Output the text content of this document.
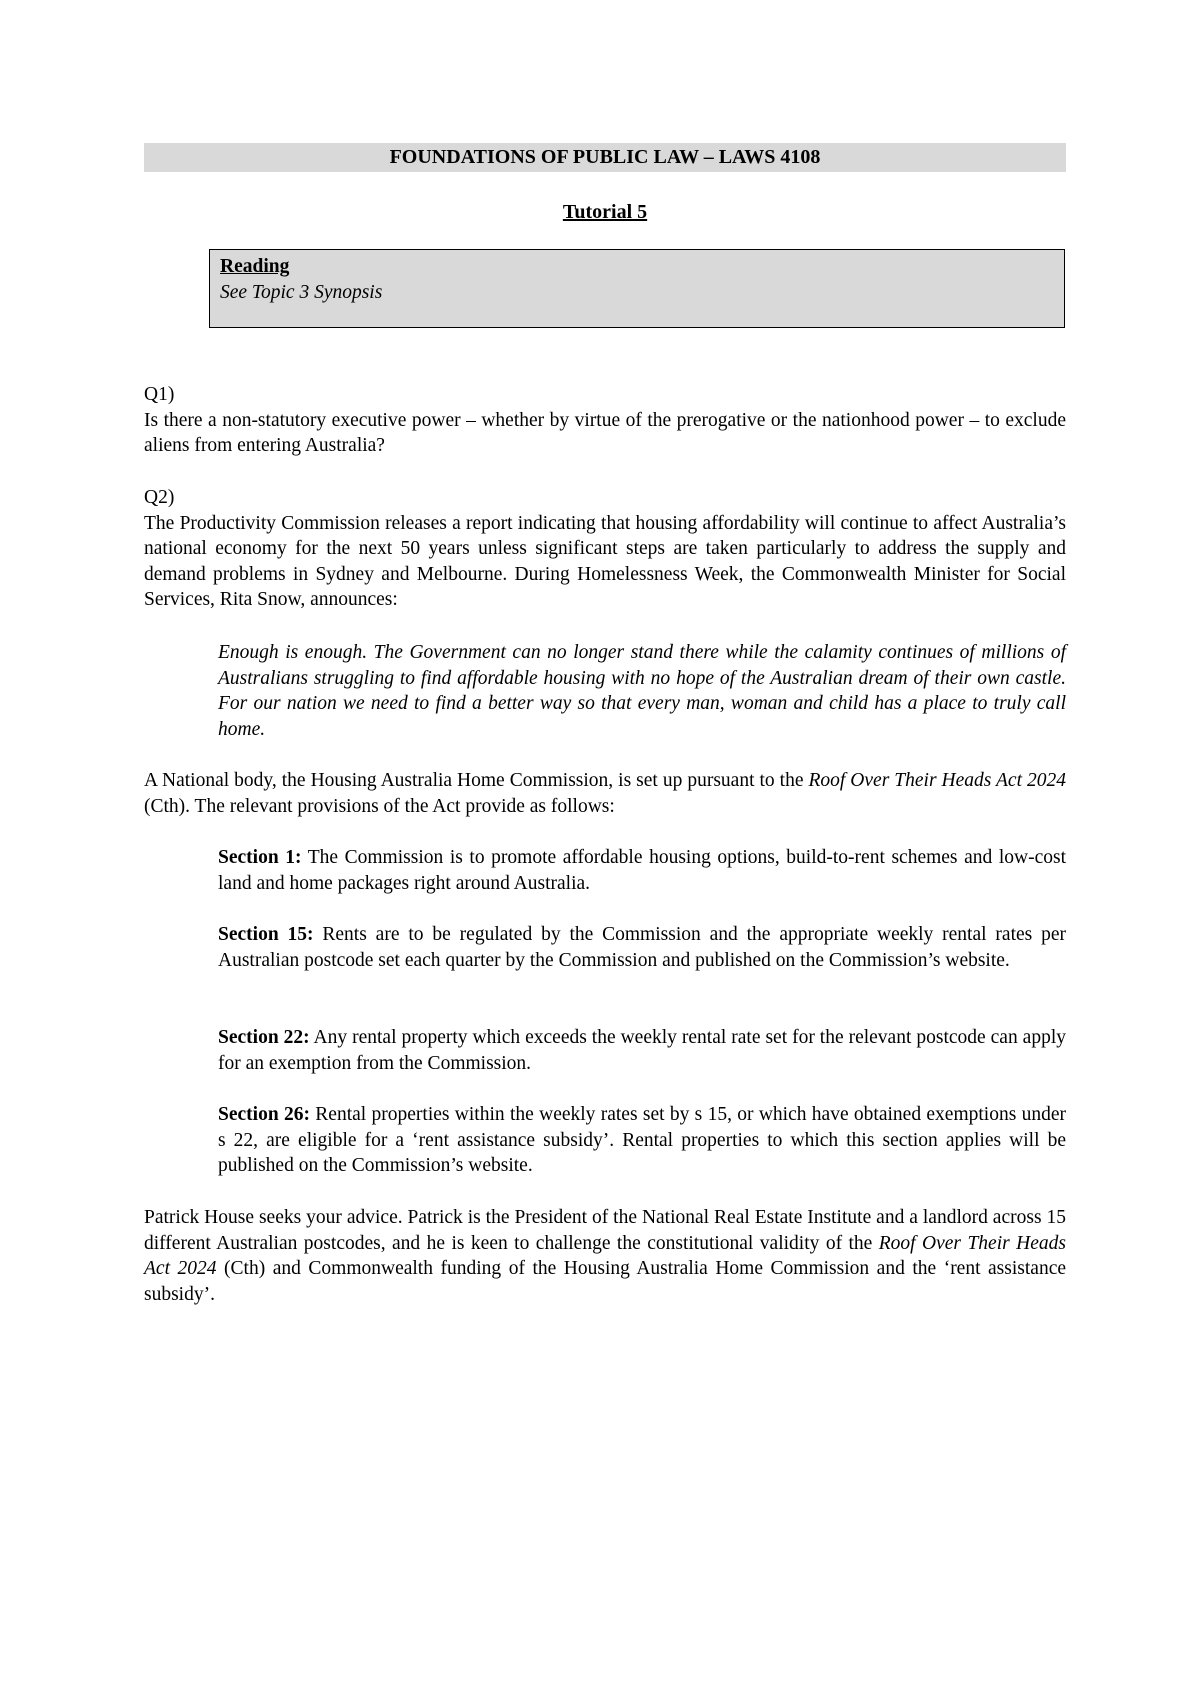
FOUNDATIONS OF PUBLIC LAW – LAWS 4108
Tutorial 5
Reading
See Topic 3 Synopsis
Q1)
Is there a non-statutory executive power – whether by virtue of the prerogative or the nationhood power – to exclude aliens from entering Australia?
Q2)
The Productivity Commission releases a report indicating that housing affordability will continue to affect Australia’s national economy for the next 50 years unless significant steps are taken particularly to address the supply and demand problems in Sydney and Melbourne. During Homelessness Week, the Commonwealth Minister for Social Services, Rita Snow, announces:
Enough is enough. The Government can no longer stand there while the calamity continues of millions of Australians struggling to find affordable housing with no hope of the Australian dream of their own castle. For our nation we need to find a better way so that every man, woman and child has a place to truly call home.
A National body, the Housing Australia Home Commission, is set up pursuant to the Roof Over Their Heads Act 2024 (Cth). The relevant provisions of the Act provide as follows:
Section 1: The Commission is to promote affordable housing options, build-to-rent schemes and low-cost land and home packages right around Australia.
Section 15: Rents are to be regulated by the Commission and the appropriate weekly rental rates per Australian postcode set each quarter by the Commission and published on the Commission’s website.
Section 22: Any rental property which exceeds the weekly rental rate set for the relevant postcode can apply for an exemption from the Commission.
Section 26: Rental properties within the weekly rates set by s 15, or which have obtained exemptions under s 22, are eligible for a ‘rent assistance subsidy’. Rental properties to which this section applies will be published on the Commission’s website.
Patrick House seeks your advice. Patrick is the President of the National Real Estate Institute and a landlord across 15 different Australian postcodes, and he is keen to challenge the constitutional validity of the Roof Over Their Heads Act 2024 (Cth) and Commonwealth funding of the Housing Australia Home Commission and the ‘rent assistance subsidy’.
